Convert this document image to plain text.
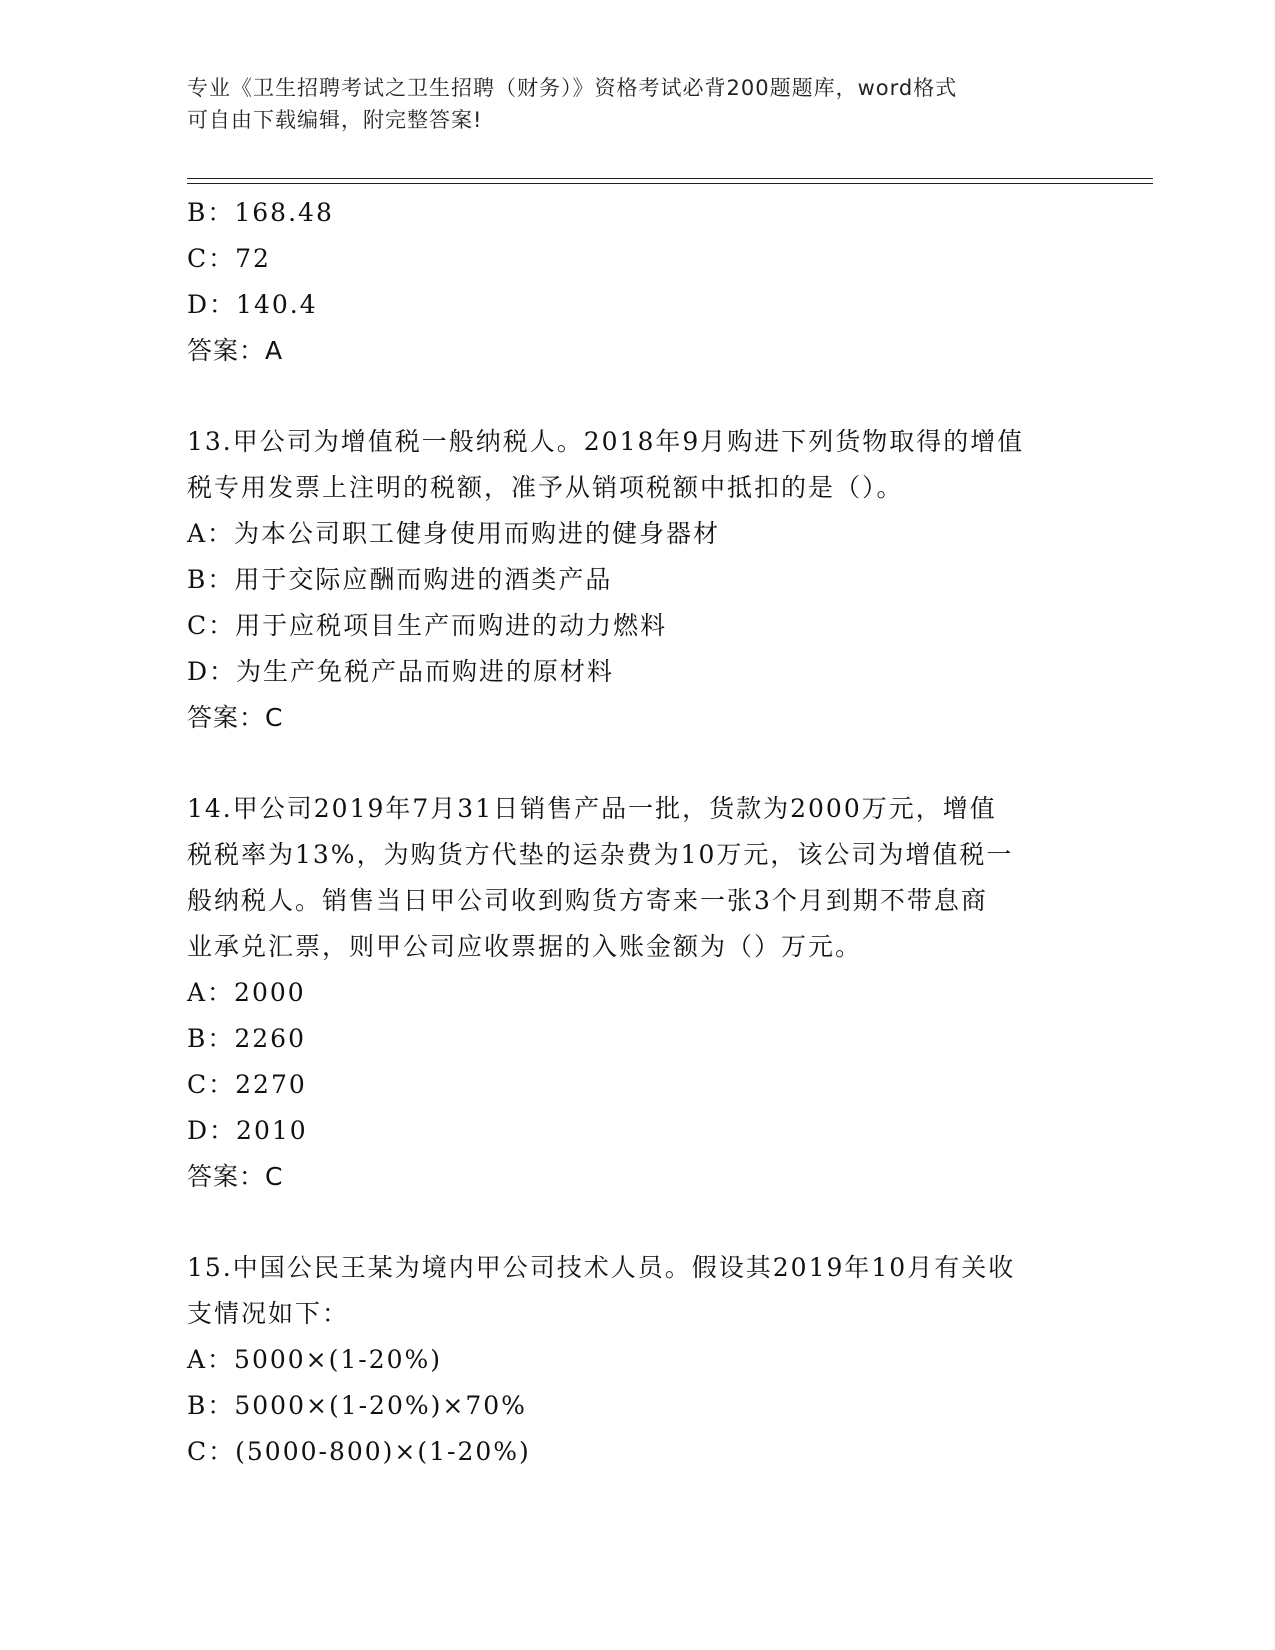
专业《卫生招聘考试之卫生招聘（财务）》资格考试必背200题题库，word格式
可自由下载编辑，附完整答案!
B：168.48
C：72
D：140.4
答案：A
13.甲公司为增值税一般纳税人。2018年9月购进下列货物取得的增值
税专用发票上注明的税额，准予从销项税额中抵扣的是（）。
A：为本公司职工健身使用而购进的健身器材
B：用于交际应酬而购进的酒类产品
C：用于应税项目生产而购进的动力燃料
D：为生产免税产品而购进的原材料
答案：C
14.甲公司2019年7月31日销售产品一批，货款为2000万元，增值
税税率为13%，为购货方代垫的运杂费为10万元，该公司为增值税一
般纳税人。销售当日甲公司收到购货方寄来一张3个月到期不带息商
业承兑汇票，则甲公司应收票据的入账金额为（）万元。
A：2000
B：2260
C：2270
D：2010
答案：C
15.中国公民王某为境内甲公司技术人员。假设其2019年10月有关收
支情况如下：
A：5000×(1-20%)
B：5000×(1-20%)×70%
C：(5000-800)×(1-20%)
